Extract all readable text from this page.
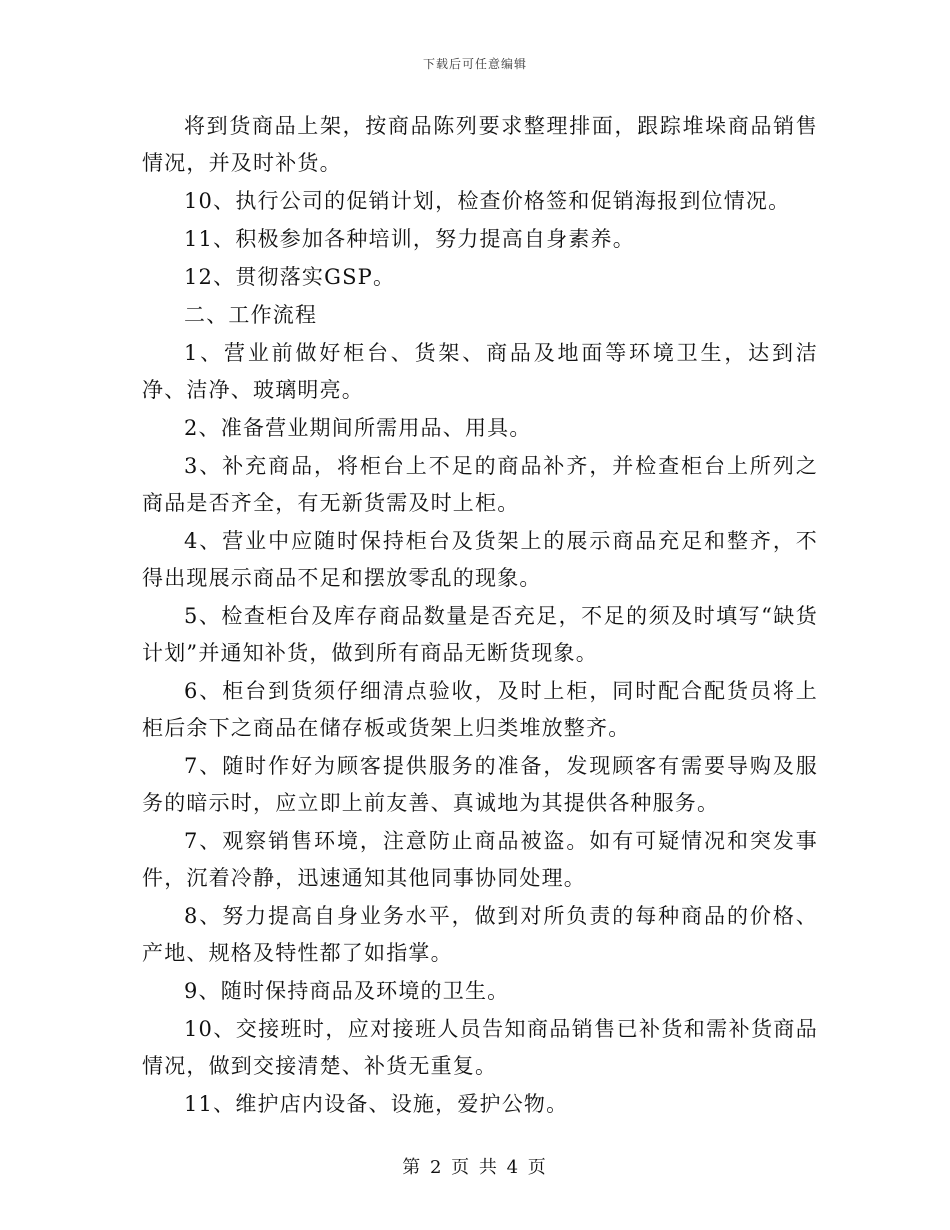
下载后可任意编辑

将到货商品上架，按商品陈列要求整理排面，跟踪堆垛商品销售情况，并及时补货。

10、执行公司的促销计划，检查价格签和促销海报到位情况。

11、积极参加各种培训，努力提高自身素养。

12、贯彻落实GSP。

二、工作流程

1、营业前做好柜台、货架、商品及地面等环境卫生，达到洁净、洁净、玻璃明亮。

2、准备营业期间所需用品、用具。

3、补充商品，将柜台上不足的商品补齐，并检查柜台上所列之商品是否齐全，有无新货需及时上柜。

4、营业中应随时保持柜台及货架上的展示商品充足和整齐，不得出现展示商品不足和摆放零乱的现象。

5、检查柜台及库存商品数量是否充足，不足的须及时填写“缺货计划”并通知补货，做到所有商品无断货现象。

6、柜台到货须仔细清点验收，及时上柜，同时配合配货员将上柜后余下之商品在储存板或货架上归类堆放整齐。

7、随时作好为顾客提供服务的准备，发现顾客有需要导购及服务的暗示时，应立即上前友善、真诚地为其提供各种服务。

7、观察销售环境，注意防止商品被盗。如有可疑情况和突发事件，沉着冷静，迅速通知其他同事协同处理。

8、努力提高自身业务水平，做到对所负责的每种商品的价格、产地、规格及特性都了如指掌。

9、随时保持商品及环境的卫生。

10、交接班时，应对接班人员告知商品销售已补货和需补货商品情况，做到交接清楚、补货无重复。

11、维护店内设备、设施，爱护公物。

第 2 页 共 4 页
